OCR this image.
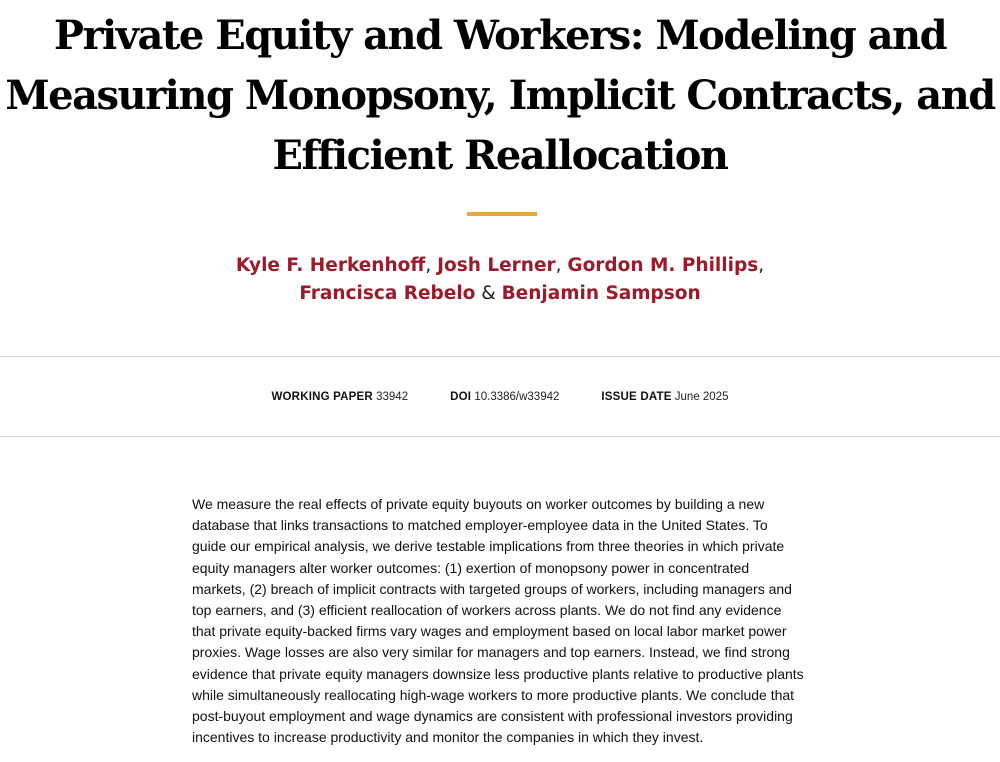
Private Equity and Workers: Modeling and Measuring Monopsony, Implicit Contracts, and Efficient Reallocation
Kyle F. Herkenhoff, Josh Lerner, Gordon M. Phillips,
Francisca Rebelo & Benjamin Sampson
WORKING PAPER 33942	DOI 10.3386/w33942	ISSUE DATE June 2025

We measure the real effects of private equity buyouts on worker outcomes by building a new
database that links transactions to matched employer-employee data in the United States. To
guide our empirical analysis, we derive testable implications from three theories in which private
equity managers alter worker outcomes: (1) exertion of monopsony power in concentrated
markets, (2) breach of implicit contracts with targeted groups of workers, including managers and
top earners, and (3) efficient reallocation of workers across plants. We do not find any evidence
that private equity-backed firms vary wages and employment based on local labor market power
proxies. Wage losses are also very similar for managers and top earners. Instead, we find strong
evidence that private equity managers downsize less productive plants relative to productive plants
while simultaneously reallocating high-wage workers to more productive plants. We conclude that
post-buyout employment and wage dynamics are consistent with professional investors providing
incentives to increase productivity and monitor the companies in which they invest.
